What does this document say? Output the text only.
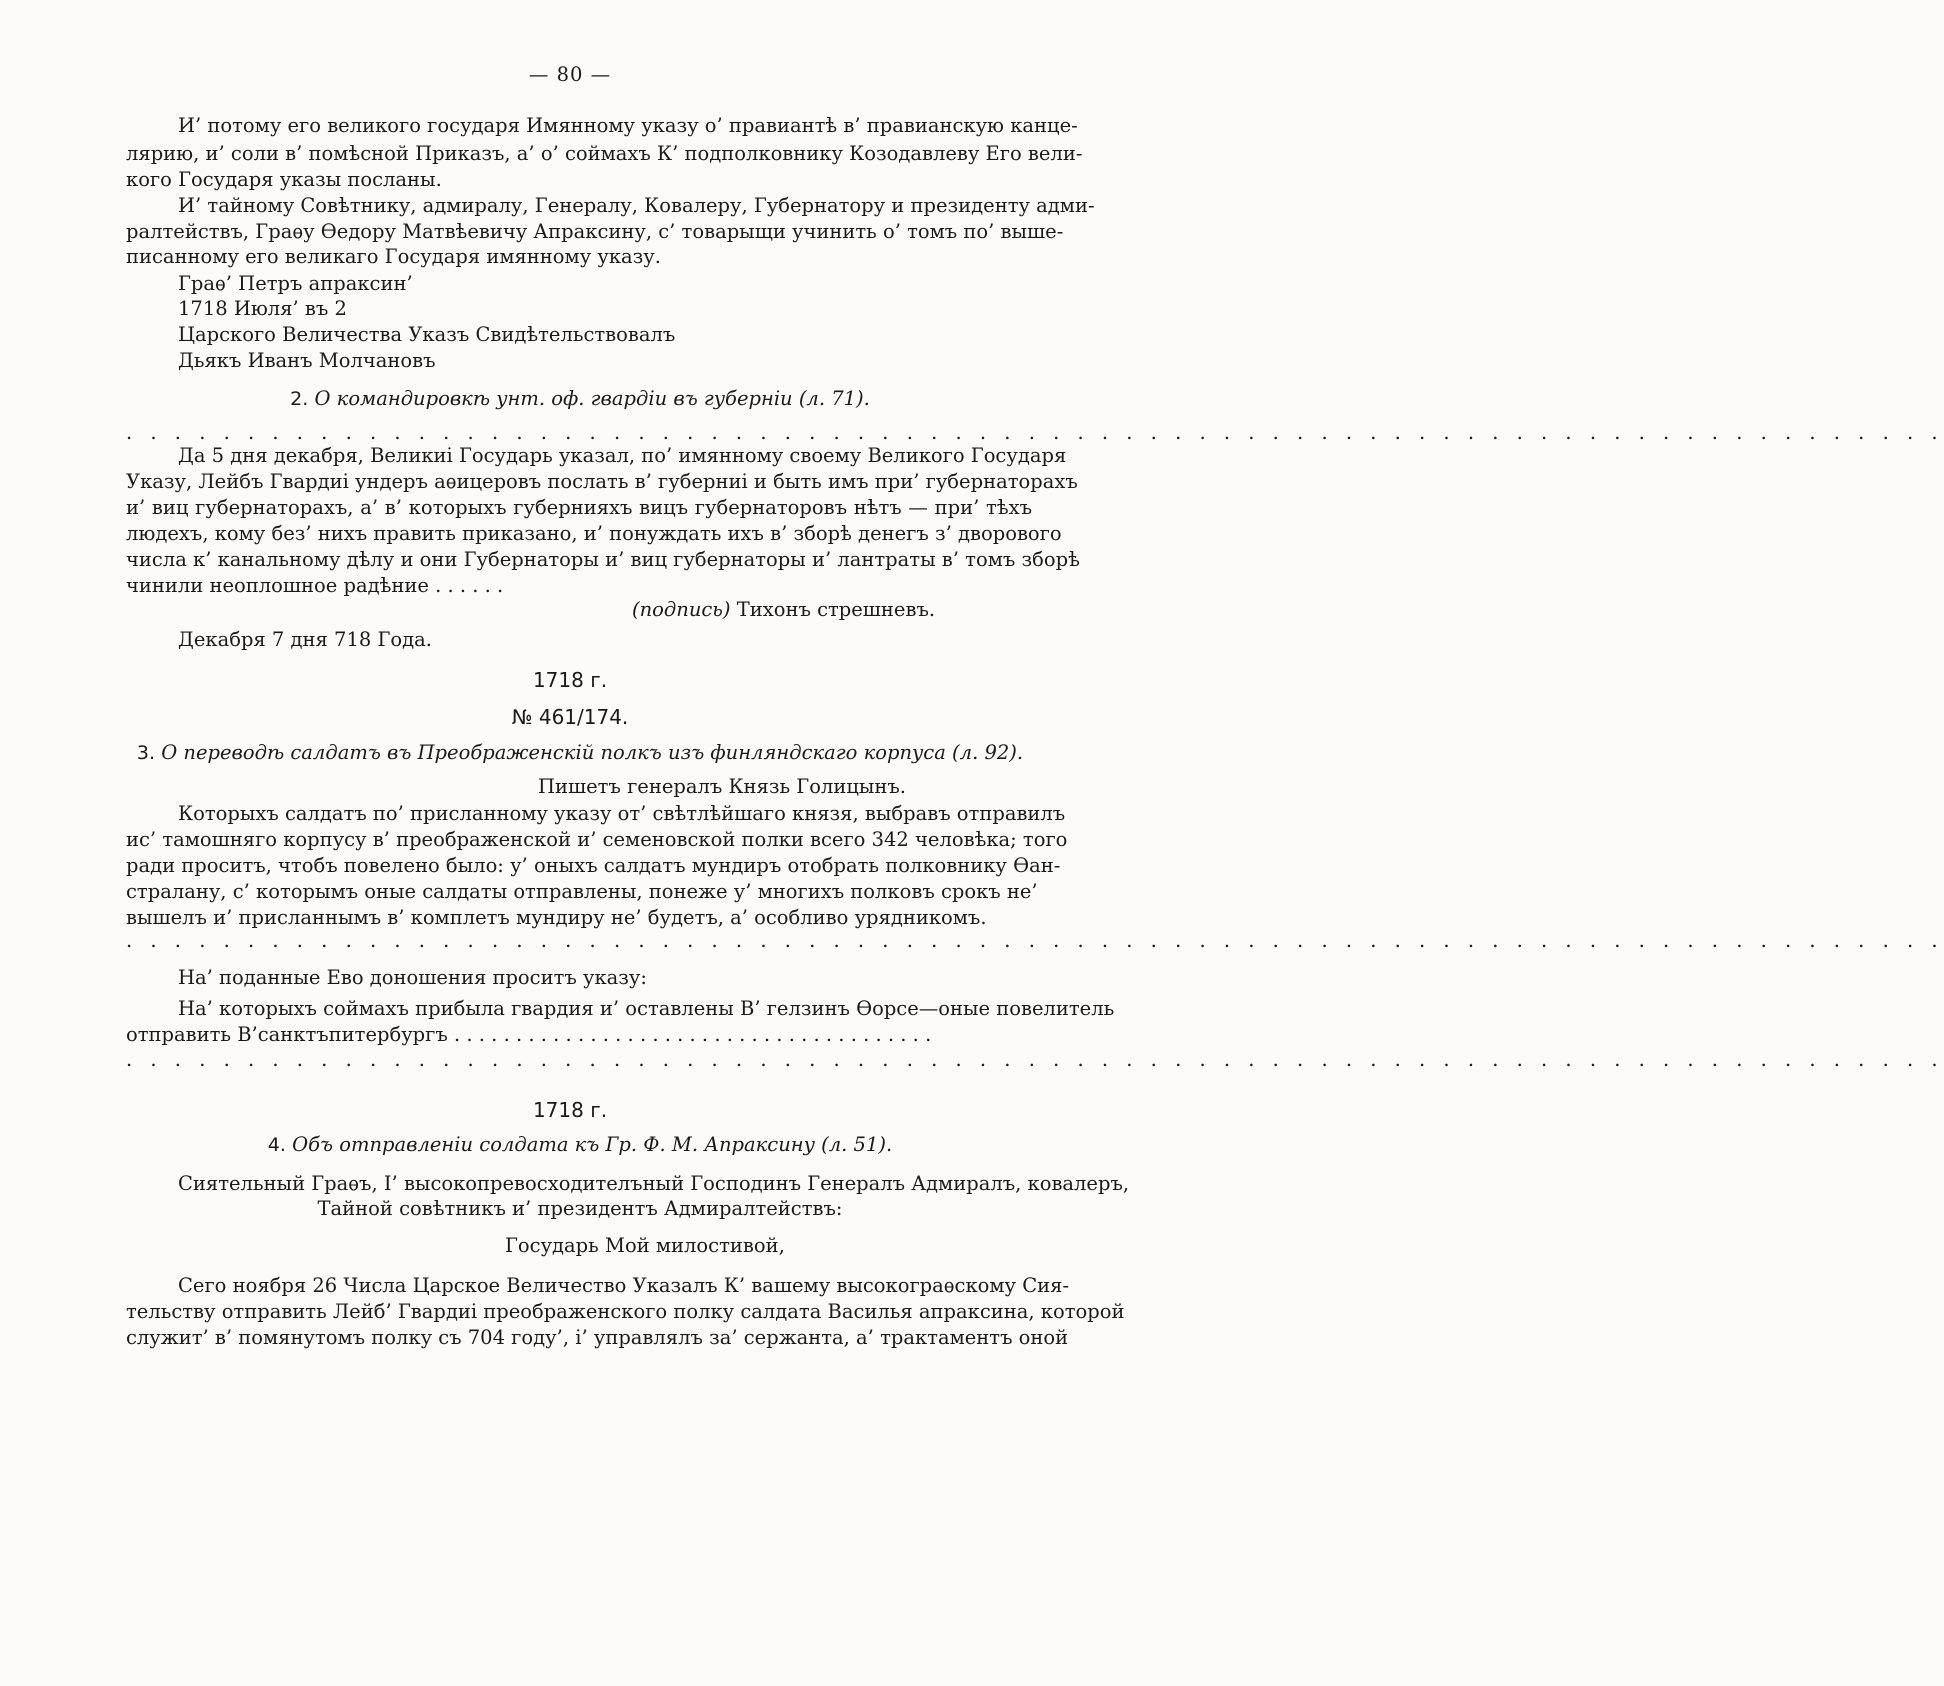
— 80 —
И’ потому его великого государя Имянному указу о’ правиантѣ в’ правианскую канце-
лярию, и’ соли в’ помѣсной Приказъ, а’ о’ соймахъ К’ подполковнику Козодавлеву Его вели-
кого Государя указы посланы.
И’ тайному Совѣтнику, адмиралу, Генералу, Ковалеру, Губернатору и президенту адми-
ралтействъ, Граѳу Ѳедору Матвѣевичу Апраксину, с’ товарыщи учинить о’ томъ по’ выше-
писанному его великаго Государя имянному указу.
Граѳ’ Петръ апраксин’
1718 Июля’ въ 2
Царского Величества Указъ Свидѣтельствовалъ
Дьякъ Иванъ Молчановъ
2. О командировкѣ унт. оф. гвардiи въ губернiи (л. 71).
. . . . . . . . . . . . . . . . . . . . . . . . . . . . . . . . . . . . . . . . . . . . . . . . . . . . . . . . . . . . . . . . . . . . . . . . . . .
Да 5 дня декабря, Великиі Государь указал, по’ имянному своему Великого Государя
Указу, Лейбъ Гвардиі ундеръ аѳицеровъ послать в’ губерниі и быть имъ при’ губернаторахъ
и’ виц губернаторахъ, а’ в’ которыхъ губернияхъ вицъ губернаторовъ нѣтъ — при’ тѣхъ
людехъ, кому без’ нихъ править приказано, и’ понуждать ихъ в’ зборѣ денегъ з’ дворового
числа к’ канальному дѣлу и они Губернаторы и’ виц губернаторы и’ лантраты в’ томъ зборѣ
чинили неоплошное радѣние . . . . . .
(подпись) Тихонъ стрешневъ.
Декабря 7 дня 718 Года.
1718 г.
№ 461/174.
3. О переводѣ салдатъ въ Преображенскiй полкъ изъ финляндскаго корпуса (л. 92).
Пишетъ генералъ Князь Голицынъ.
Которыхъ салдатъ по’ присланному указу от’ свѣтлѣйшаго князя, выбравъ отправилъ
ис’ тамошняго корпусу в’ преображенской и’ семеновской полки всего 342 человѣка; того
ради проситъ, чтобъ повелено было: у’ оныхъ салдатъ мундиръ отобрать полковнику Ѳан-
стралану, с’ которымъ оные салдаты отправлены, понеже у’ многихъ полковъ срокъ не’
вышелъ и’ присланнымъ в’ комплетъ мундиру не’ будетъ, а’ особливо урядникомъ.
. . . . . . . . . . . . . . . . . . . . . . . . . . . . . . . . . . . . . . . . . . . . . . . . . . . . . . . . . . . . . . . . . . . . . . . . . . .
На’ поданные Ево доношения проситъ указу:
На’ которыхъ соймахъ прибыла гвардия и’ оставлены В’ гелзинъ Ѳорсе—оные повелитель
отправить В’санктъпитербургъ . . . . . . . . . . . . . . . . . . . . . . . . . . . . . . . . . . . . . . .
. . . . . . . . . . . . . . . . . . . . . . . . . . . . . . . . . . . . . . . . . . . . . . . . . . . . . . . . . . . . . . . . . . . . . . . . . . .
1718 г.
4. Объ отправленiи солдата къ Гр. Ф. М. Апраксину (л. 51).
Сиятельный Граѳъ, І’ высокопревосходителъный Господинъ Генералъ Адмиралъ, ковалеръ,
Тайной совѣтникъ и’ президентъ Адмиралтействъ:
Государь Мой милостивой,
Сего ноября 26 Числа Царское Величество Указалъ К’ вашему высокограѳскому Сия-
тельству отправить Лейб’ Гвардиі преображенского полку салдата Василья апраксина, которой
служит’ в’ помянутомъ полку съ 704 году’, і’ управлялъ за’ сержанта, а’ трактаментъ оной
